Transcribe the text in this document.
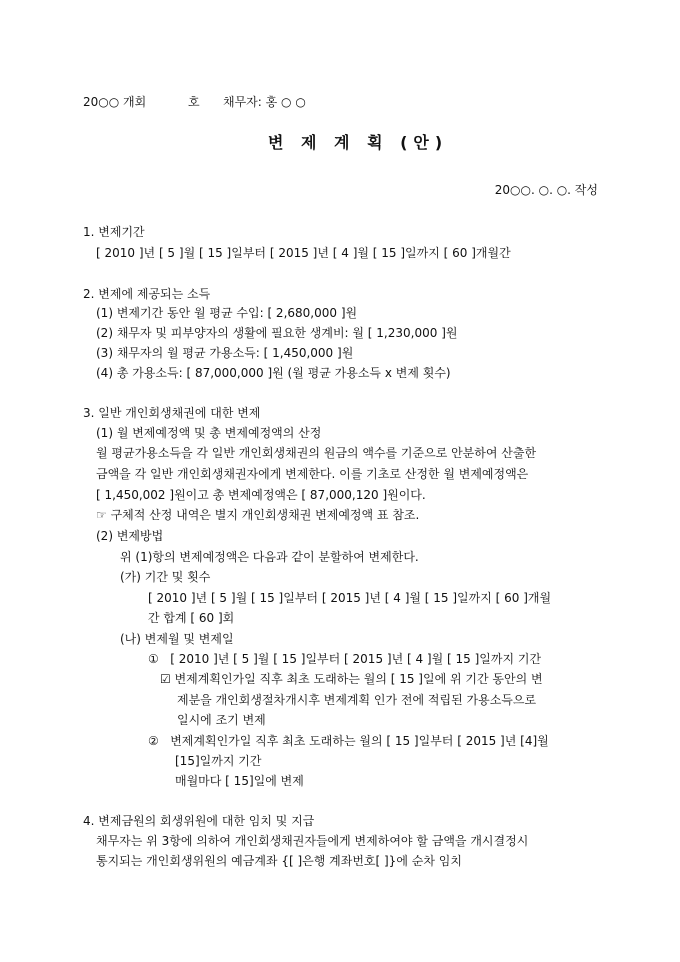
20○○ 개회	호 채무자: 홍 ○ ○
변 제 계 획 (안)
20○○. ○. ○. 작성
1. 변제기간
[ 2010 ]년 [ 5 ]월 [ 15 ]일부터 [ 2015 ]년 [ 4 ]월 [ 15 ]일까지 [ 60 ]개월간
2. 변제에 제공되는 소득
(1) 변제기간 동안 월 평균 수입: [ 2,680,000 ]원
(2) 채무자 및 피부양자의 생활에 필요한 생계비: 월 [ 1,230,000 ]원
(3) 채무자의 월 평균 가용소득: [ 1,450,000 ]원
(4) 총 가용소득: [ 87,000,000 ]원 (월 평균 가용소득 x 변제 횟수)
3. 일반 개인회생채권에 대한 변제
(1) 월 변제예정액 및 총 변제예정액의 산정
월 평균가용소득을 각 일반 개인회생채권의 원금의 액수를 기준으로 안분하여 산출한
금액을 각 일반 개인회생채권자에게 변제한다. 이를 기초로 산정한 월 변제예정액은
[ 1,450,002 ]원이고 총 변제예정액은 [ 87,000,120 ]원이다.
☞ 구체적 산정 내역은 별지 개인회생채권 변제예정액 표 참조.
(2) 변제방법
위 (1)항의 변제예정액은 다음과 같이 분할하여 변제한다.
(가) 기간 및 횟수
[ 2010 ]년 [ 5 ]월 [ 15 ]일부터 [ 2015 ]년 [ 4 ]월 [ 15 ]일까지 [ 60 ]개월
간 합계 [ 60 ]회
(나) 변제월 및 변제일
① [ 2010 ]년 [ 5 ]월 [ 15 ]일부터 [ 2015 ]년 [ 4 ]월 [ 15 ]일까지 기간
☑ 변제계획인가일 직후 최초 도래하는 월의 [ 15 ]일에 위 기간 동안의 변
제분을 개인회생절차개시후 변제계획 인가 전에 적립된 가용소득으로
일시에 조기 변제
② 변제계획인가일 직후 최초 도래하는 월의 [ 15 ]일부터 [ 2015 ]년 [4]월
[15]일까지 기간
매월마다 [ 15]일에 변제
4. 변제금원의 회생위원에 대한 임치 및 지급
채무자는 위 3항에 의하여 개인회생채권자들에게 변제하여야 할 금액을 개시결정시
통지되는 개인회생위원의 예금계좌 {[ ]은행 계좌번호[ ]}에 순차 임치
